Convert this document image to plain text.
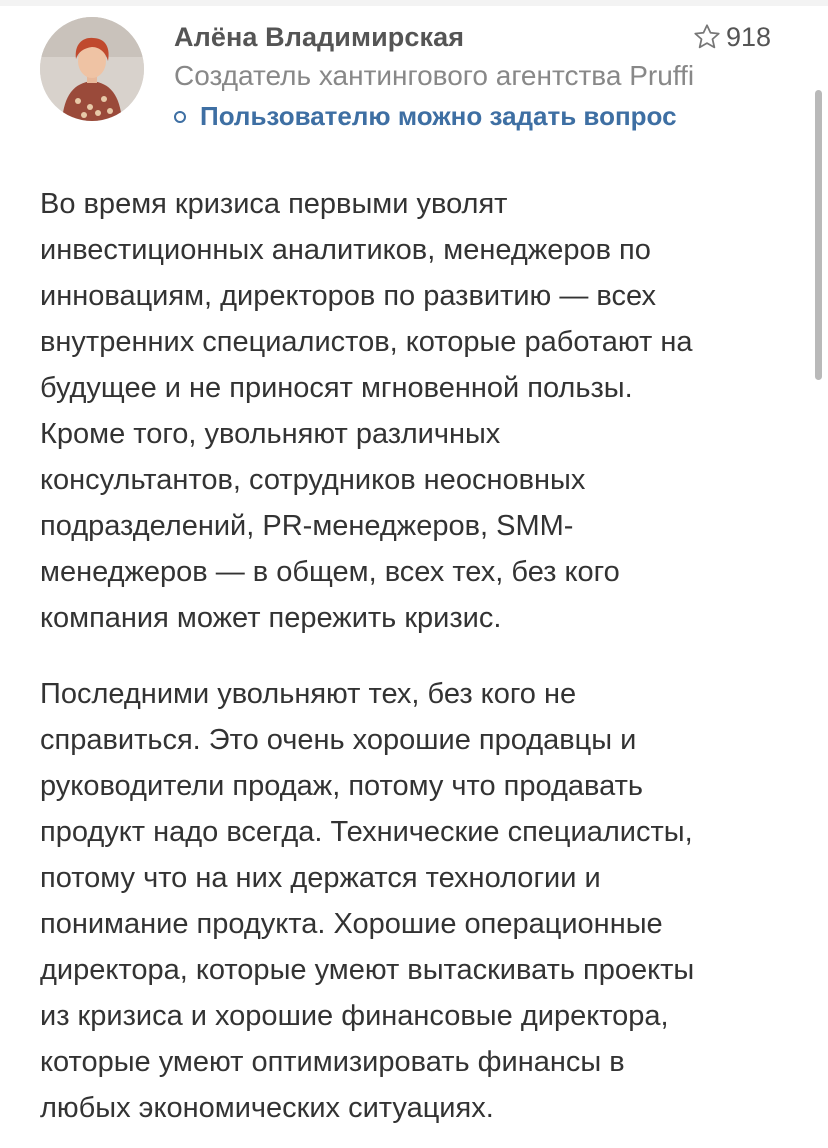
Алёна Владимирская	918
Создатель хантингового агентства Pruffi
Пользователю можно задать вопрос

Во время кризиса первыми уволят
инвестиционных аналитиков, менеджеров по
инновациям, директоров по развитию — всех
внутренних специалистов, которые работают на
будущее и не приносят мгновенной пользы.
Кроме того, увольняют различных
консультантов, сотрудников неосновных
подразделений, PR-менеджеров, SMM-
менеджеров — в общем, всех тех, без кого
компания может пережить кризис.

Последними увольняют тех, без кого не
справиться. Это очень хорошие продавцы и
руководители продаж, потому что продавать
продукт надо всегда. Технические специалисты,
потому что на них держатся технологии и
понимание продукта. Хорошие операционные
директора, которые умеют вытаскивать проекты
из кризиса и хорошие финансовые директора,
которые умеют оптимизировать финансы в
любых экономических ситуациях.
